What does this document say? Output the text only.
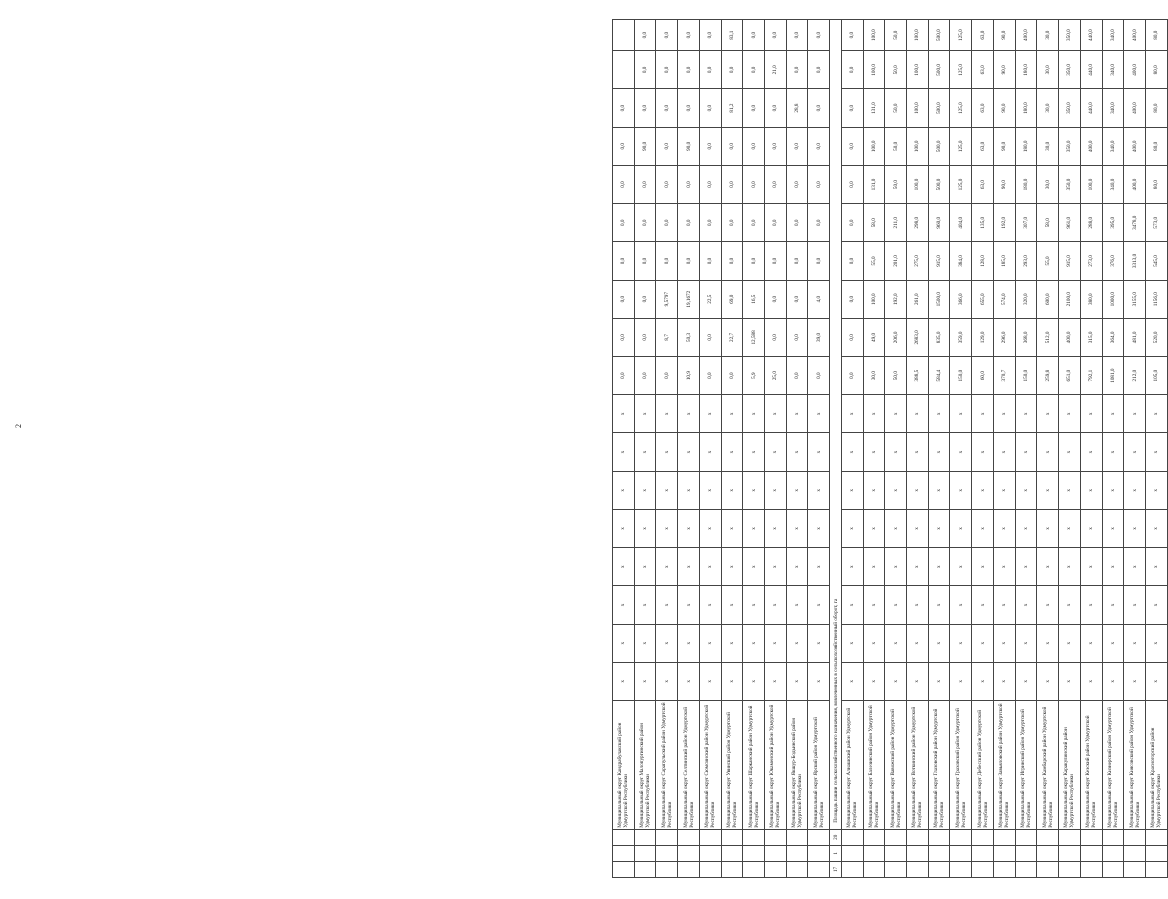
2
			Муниципальный округ Кандрабулакский район Удмуртской Республики	x	x	x	x	x	x	x	x	0,0	0,0	0,0	0,0	0,0	0,0	0,0	0,0		
			Муниципальный округ Малопургинский район Удмуртской Республики	x	x	x	x	x	x	x	x	0,0	0,0	0,0	0,0	0,0	0,0	90,0	0,0	0,0	0,0
			Муниципальный округ Сарапульский район Удмуртской Республики	x	x	x	x	x	x	x	x	0,0	8,7	9,5797	0,0	0,0	0,0	0,0	0,0	0,0	0,0
			Муниципальный округ Селтинский район Удмуртской Республики	x	x	x	x	x	x	x	x	10,9	50,3	19,1672	0,0	0,0	0,0	90,0	0,0	0,0	0,0
			Муниципальный округ Сюмсинский район Удмуртской Республики	x	x	x	x	x	x	x	x	0,0	0,0	22,5	0,0	0,0	0,0	0,0	0,0	0,0	0,0
			Муниципальный округ Увинский район Удмуртской Республики	x	x	x	x	x	x	x	x	0,0	22,7	69,0	0,0	0,0	0,0	0,0	81,2	0,0	83,1
			Муниципальный округ Шарканский район Удмуртской Республики	x	x	x	x	x	x	x	x	5,9	12,588	16,5	0,0	0,0	0,0	0,0	0,0	0,0	0,0
			Муниципальный округ Юкаменский район Удмуртской Республики	x	x	x	x	x	x	x	x	25,0	0,0	0,0	0,0	0,0	0,0	0,0	0,0	21,0	0,0
			Муниципальный округ Якшур-Бодьинский район Удмуртской Республики	x	x	x	x	x	x	x	x	0,0	0,0	0,0	0,0	0,0	0,0	0,0	28,8	0,0	0,0
			Муниципальный округ Ярский район Удмуртской Республики	x	x	x	x	x	x	x	x	0,0	39,0	4,0	0,0	0,0	0,0	0,0	0,0	0,0	0,0
17	1	20	Площадь пашни сельскохозяйственного назначения, вовлеченных в сельскохозяйственный оборот, га																		
			Муниципальный округ Алнашский район Удмуртской Республики	x	x	x	x	x	x	x	x	0,0	0,0	0,0	0,0	0,0	0,0	0,0	0,0	0,0	0,0
			Муниципальный округ Балезинский район Удмуртской Республики	x	x	x	x	x	x	x	x	30,0	49,0	100,0	55,0	58,0	131,0	100,0	131,0	100,0	100,0
			Муниципальный округ Вавожский район Удмуртской Республики	x	x	x	x	x	x	x	x	50,0	206,0	192,0	201,0	211,0	50,0	50,0	50,0	50,0	50,0
			Муниципальный округ Воткинский район Удмуртской Республики	x	x	x	x	x	x	x	x	388,5	2683,0	261,0	275,0	298,0	100,0	100,0	100,0	100,0	100,0
			Муниципальный округ Глазовский район Удмуртской Республики	x	x	x	x	x	x	x	x	584,4	835,0	1500,0	915,0	960,0	500,0	500,0	500,0	500,0	500,0
			Муниципальный округ Граховский район Удмуртской Республики	x	x	x	x	x	x	x	x	150,0	359,0	366,0	384,0	404,0	125,0	125,0	125,0	125,0	125,0
			Муниципальный округ Дебесский район Удмуртской Республики	x	x	x	x	x	x	x	x	60,0	129,0	655,0	128,0	135,0	63,0	63,0	63,0	63,0	63,0
			Муниципальный округ Завьяловский район Удмуртской Республики	x	x	x	x	x	x	x	x	370,7	296,0	574,0	185,0	192,0	90,0	90,0	90,0	90,0	90,0
			Муниципальный округ Игринский район Удмуртской Республики	x	x	x	x	x	x	x	x	150,0	368,0	320,0	293,0	307,0	180,0	180,0	180,0	180,0	400,0
			Муниципальный округ Камбарский район Удмуртской Республики	x	x	x	x	x	x	x	x	259,8	512,0	600,0	55,0	58,0	30,0	30,0	30,0	30,0	30,0
			Муниципальный округ Каракулинский район Удмуртской Республики	x	x	x	x	x	x	x	x	651,0	400,0	2100,0	915,0	961,0	350,0	350,0	350,0	350,0	350,0
			Муниципальный округ Кезский район Удмуртской Республики	x	x	x	x	x	x	x	x	792,1	315,0	380,0	273,0	288,0	100,0	400,0	440,0	440,0	440,0
			Муниципальный округ Кизнерский район Удмуртской Республики	x	x	x	x	x	x	x	x	1081,0	364,0	1000,0	376,0	395,0	340,0	340,0	340,0	340,0	340,0
			Муниципальный округ Киясовский район Удмуртской Республики	x	x	x	x	x	x	x	x	212,0	481,0	3155,0	3313,0	3478,0	400,0	400,0	400,0	400,0	400,0
			Муниципальный округ Красногорский район Удмуртской Республики	x	x	x	x	x	x	x	x	105,0	520,0	1156,0	545,0	573,0	80,0	80,0	80,0	80,0	80,0
